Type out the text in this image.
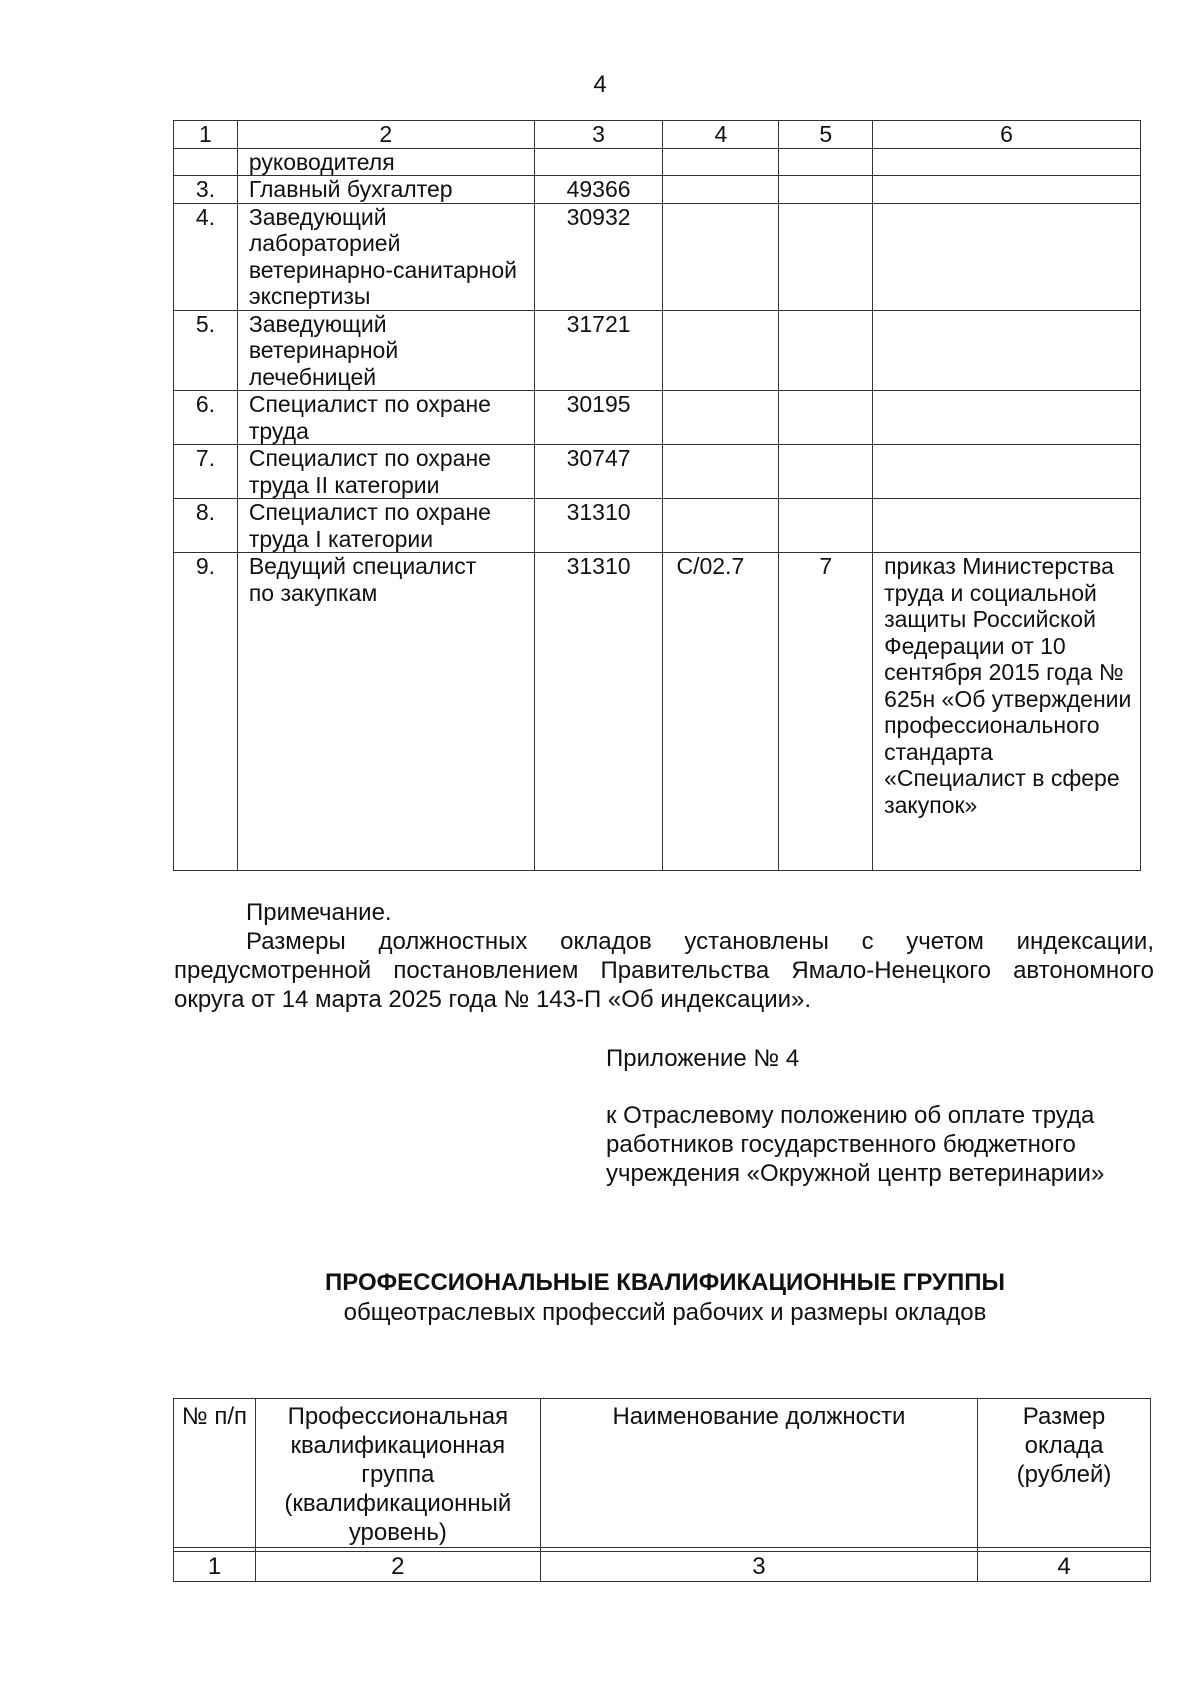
4
1	2	3	4	5	6
	руководителя				
3.	Главный бухгалтер	49366			
4.	Заведующий лабораторией ветеринарно-санитарной экспертизы	30932			
5.	Заведующий ветеринарной лечебницей	31721			
6.	Специалист по охране труда	30195			
7.	Специалист по охране труда II категории	30747			
8.	Специалист по охране труда I категории	31310			
9.	Ведущий специалист по закупкам	31310	С/02.7	7	приказ Министерства труда и социальной защиты Российской Федерации от 10 сентября 2015 года № 625н «Об утверждении профессионального стандарта «Специалист в сфере закупок»
Примечание.
Размеры должностных окладов установлены с учетом индексации, предусмотренной постановлением Правительства Ямало-Ненецкого автономного округа от 14 марта 2025 года № 143-П «Об индексации».
Приложение № 4
к Отраслевому положению об оплате труда работников государственного бюджетного учреждения «Окружной центр ветеринарии»
ПРОФЕССИОНАЛЬНЫЕ КВАЛИФИКАЦИОННЫЕ ГРУППЫ
общеотраслевых профессий рабочих и размеры окладов
№ п/п	Профессиональная квалификационная группа (квалификационный уровень)	Наименование должности	Размер оклада (рублей)

1	2	3	4
